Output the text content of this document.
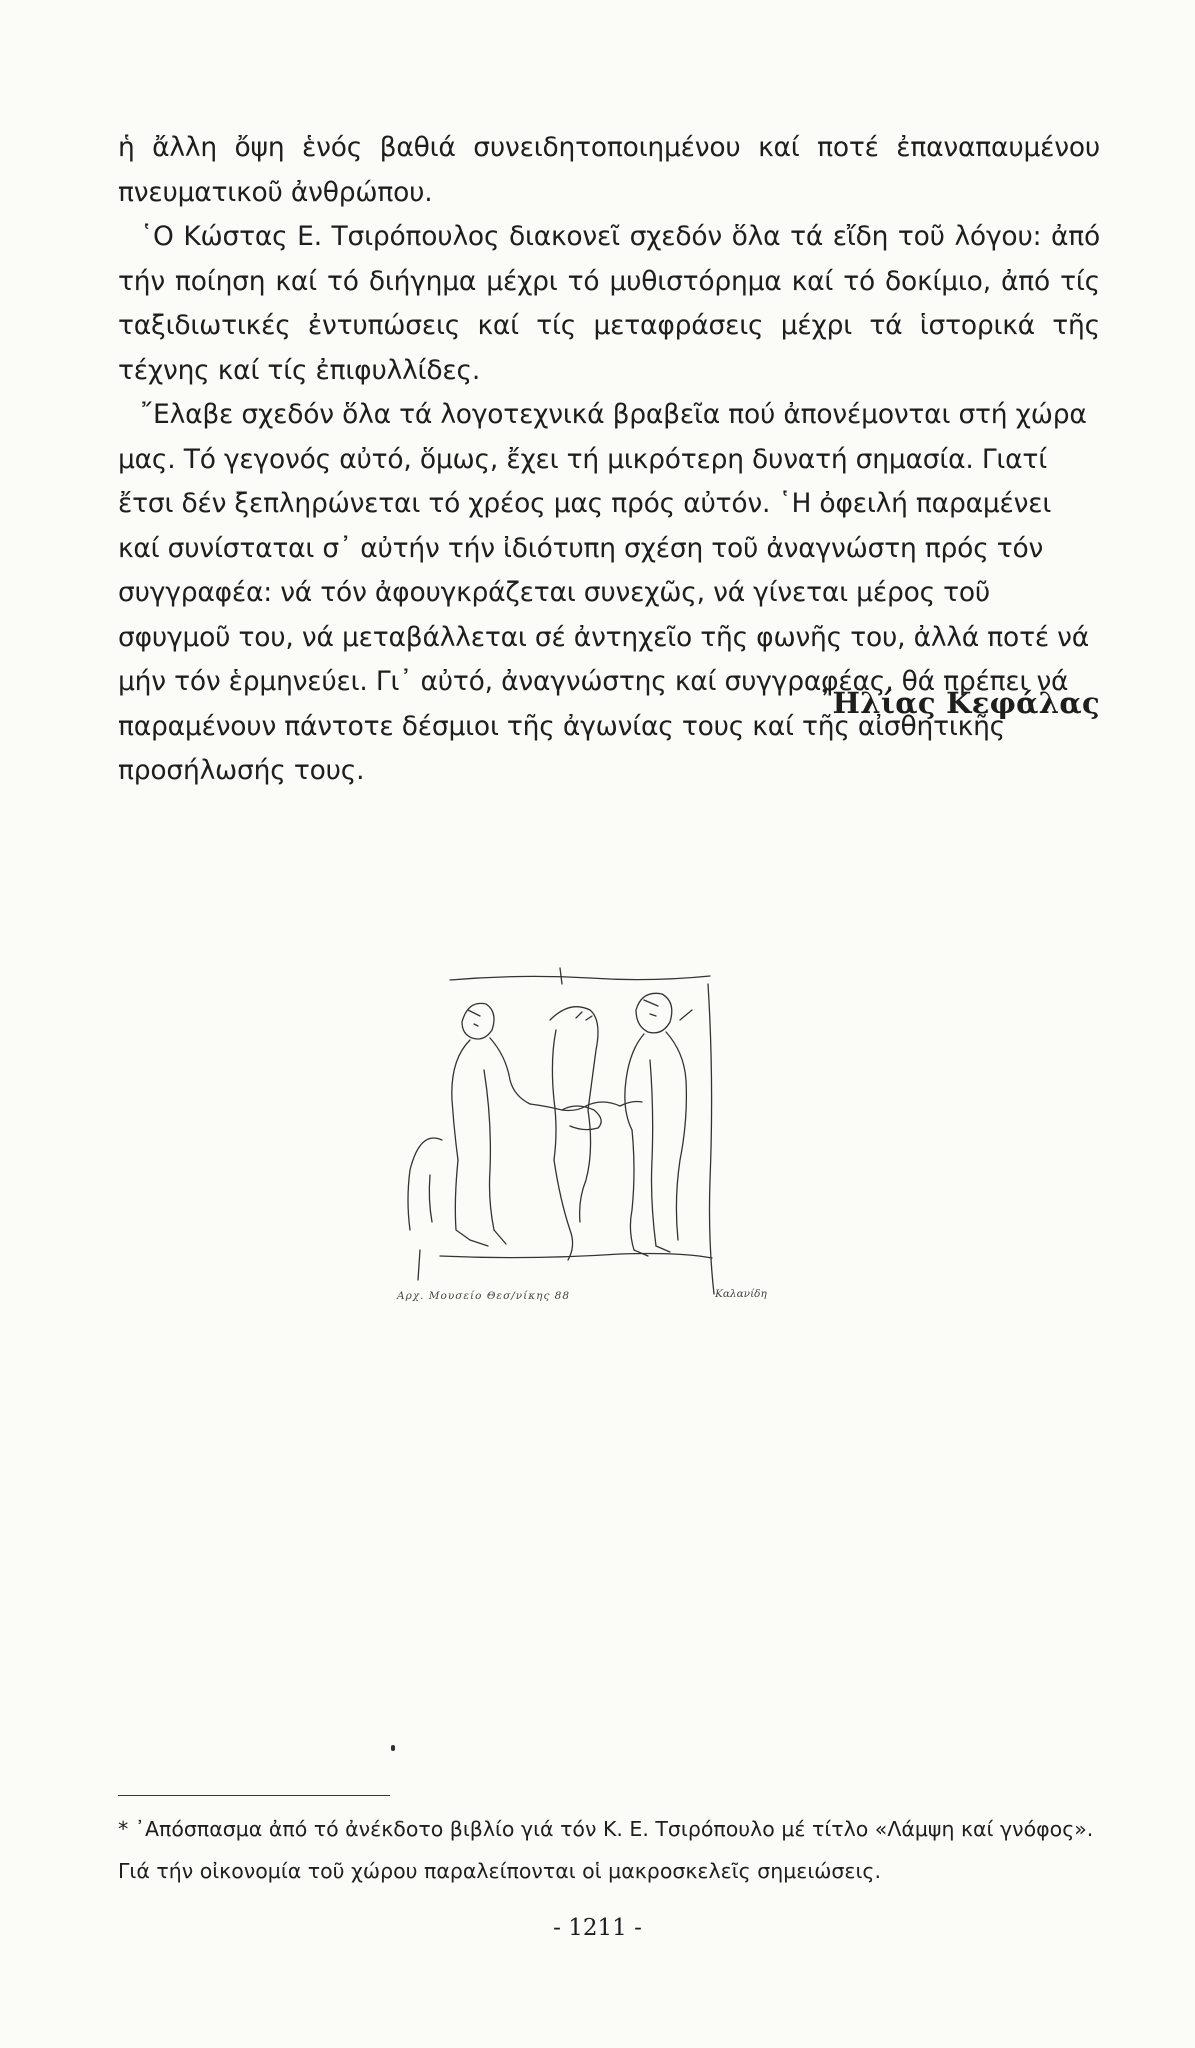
ἡ ἄλλη ὄψη ἑνός βαθιά συνειδητοποιημένου καί ποτέ ἐπαναπαυμένου πνευματικοῦ ἀνθρώπου.

῾Ο Κώστας Ε. Τσιρόπουλος διακονεῖ σχεδόν ὅλα τά εἴδη τοῦ λόγου: ἀπό τήν ποίηση καί τό διήγημα μέχρι τό μυθιστόρημα καί τό δοκίμιο, ἀπό τίς ταξιδιωτικές ἐντυπώσεις καί τίς μεταφράσεις μέχρι τά ἱστορικά τῆς τέχνης καί τίς ἐπιφυλλίδες.

῎Ελαβε σχεδόν ὅλα τά λογοτεχνικά βραβεῖα πού ἀπονέμονται στή χώρα μας. Τό γεγονός αὐτό, ὅμως, ἔχει τή μικρότερη δυνατή σημασία. Γιατί ἔτσι δέν ξεπληρώνεται τό χρέος μας πρός αὐτόν. ῾Η ὀφειλή παραμένει καί συνίσταται σ᾿ αὐτήν τήν ἰδιότυπη σχέση τοῦ ἀναγνώστη πρός τόν συγγραφέα: νά τόν ἀφουγκράζεται συνεχῶς, νά γίνεται μέρος τοῦ σφυγμοῦ του, νά μεταβάλλεται σέ ἀντηχεῖο τῆς φωνῆς του, ἀλλά ποτέ νά μήν τόν ἑρμηνεύει. Γι᾿ αὐτό, ἀναγνώστης καί συγγραφέας, θά πρέπει νά παραμένουν πάντοτε δέσμιοι τῆς ἀγωνίας τους καί τῆς αἰσθητικῆς προσήλωσής τους.

᾿Ηλίας Κεφάλας
Αρχ. Μουσείο Θεσ/νίκης 88	Καλανίδη

* ᾿Απόσπασμα ἀπό τό ἀνέκδοτο βιβλίο γιά τόν Κ. Ε. Τσιρόπουλο μέ τίτλο «Λάμψη καί γνόφος».

Γιά τήν οἰκονομία τοῦ χώρου παραλείπονται οἱ μακροσκελεῖς σημειώσεις.

- 1211 -
